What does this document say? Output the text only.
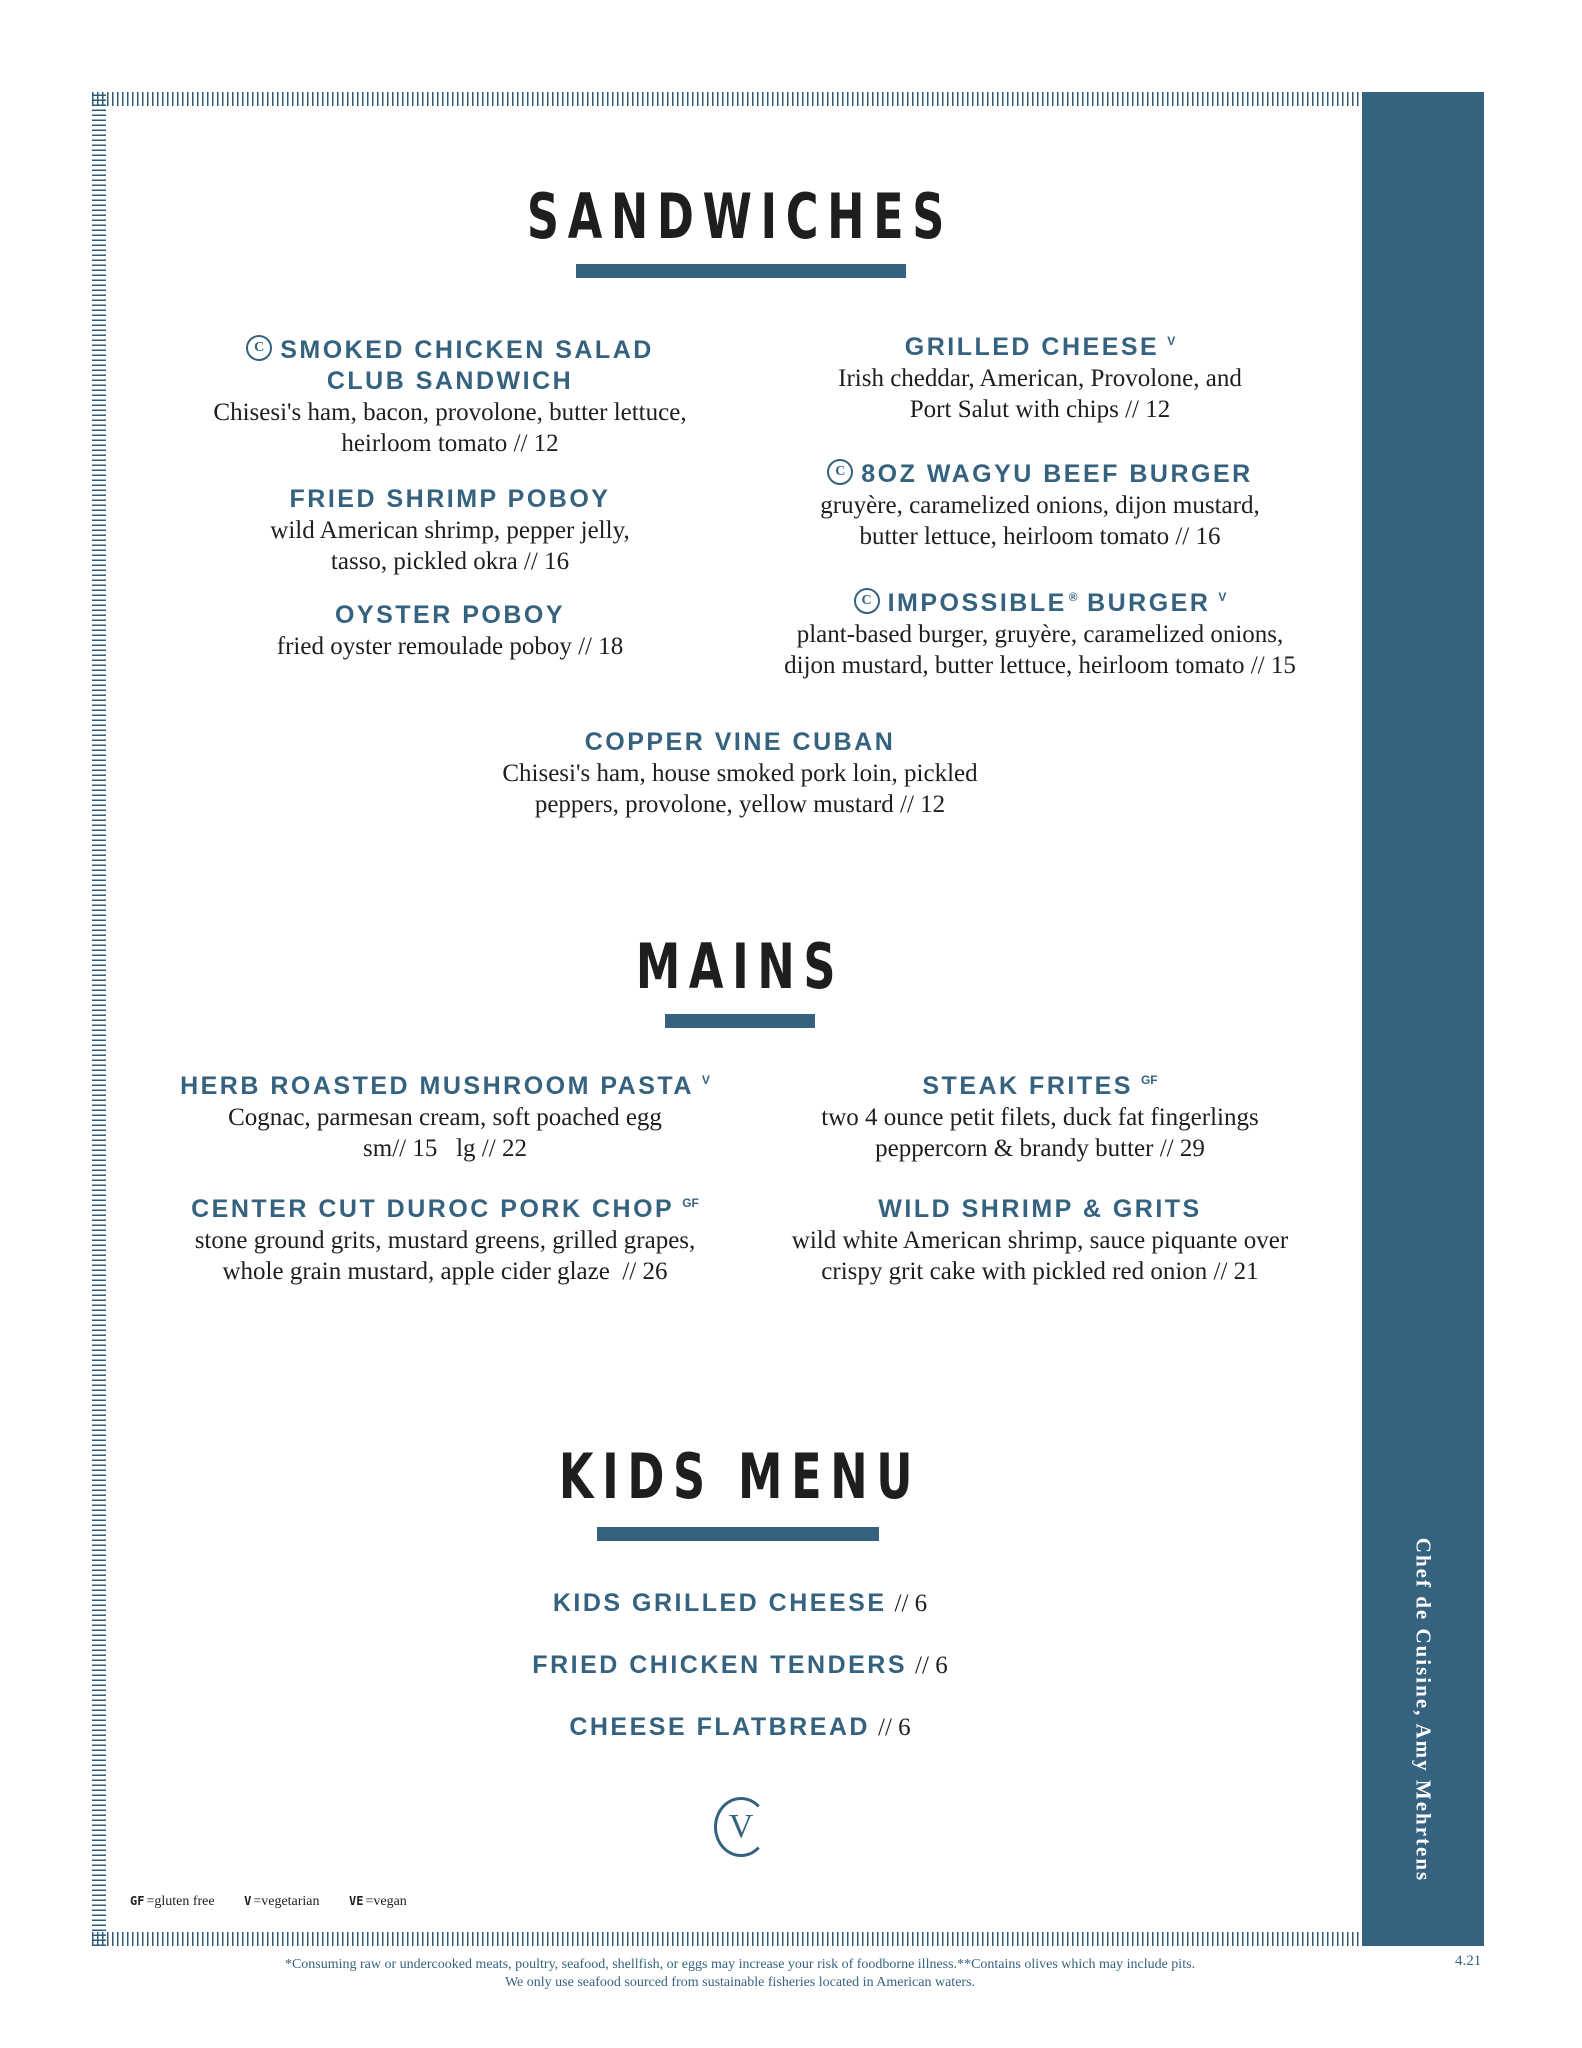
Chef de Cuisine, Amy Mehrtens
SANDWICHES
C SMOKED CHICKEN SALAD
CLUB SANDWICH
Chisesi's ham, bacon, provolone, butter lettuce,
heirloom tomato // 12
FRIED SHRIMP POBOY
wild American shrimp, pepper jelly,
tasso, pickled okra // 16
OYSTER POBOY
fried oyster remoulade poboy // 18
GRILLED CHEESE $^V$
Irish cheddar, American, Provolone, and
Port Salut with chips // 12
C 8OZ WAGYU BEEF BURGER
gruyère, caramelized onions, dijon mustard,
butter lettuce, heirloom tomato // 16
C IMPOSSIBLE ® BURGER $^V$
plant-based burger, gruyère, caramelized onions,
dijon mustard, butter lettuce, heirloom tomato // 15
COPPER VINE CUBAN
Chisesi's ham, house smoked pork loin, pickled
peppers, provolone, yellow mustard // 12
MAINS
HERB ROASTED MUSHROOM PASTA $^V$
Cognac, parmesan cream, soft poached egg
sm// 15   lg // 22
CENTER CUT DUROC PORK CHOP $^{GF}$
stone ground grits, mustard greens, grilled grapes,
whole grain mustard, apple cider glaze  // 26
STEAK FRITES $^{GF}$
two 4 ounce petit filets, duck fat fingerlings
peppercorn & brandy butter // 29
WILD SHRIMP & GRITS
wild white American shrimp, sauce piquante over
crispy grit cake with pickled red onion // 21
KIDS MENU
KIDS GRILLED CHEESE // 6
FRIED CHICKEN TENDERS // 6
CHEESE FLATBREAD // 6
V
GF =gluten free V =vegetarian VE =vegan
*Consuming raw or undercooked meats, poultry, seafood, shellfish, or eggs may increase your risk of foodborne illness.**Contains olives which may include pits.
We only use seafood sourced from sustainable fisheries located in American waters.
4.21
